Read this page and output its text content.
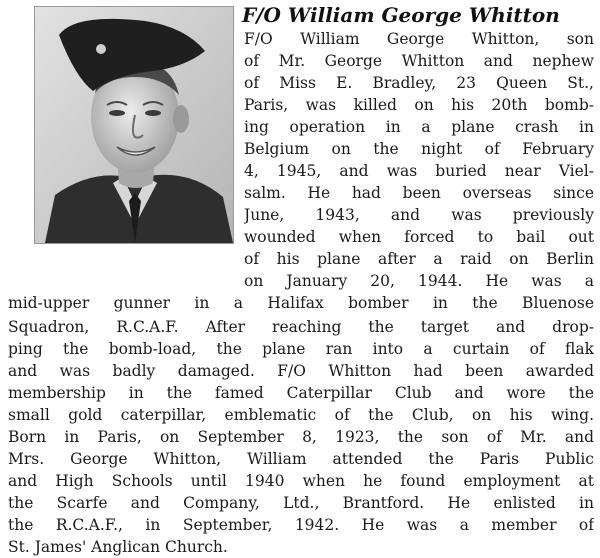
F/O William George Whitton
F/O William George Whitton, son
of Mr. George Whitton and nephew
of Miss E. Bradley, 23 Queen St.,
Paris, was killed on his 20th bomb-
ing operation in a plane crash in
Belgium on the night of February
4, 1945, and was buried near Viel-
salm. He had been overseas since
June, 1943, and was previously
wounded when forced to bail out
of his plane after a raid on Berlin
on January 20, 1944. He was a
mid-upper gunner in a Halifax bomber in the Bluenose
Squadron, R.C.A.F. After reaching the target and drop-
ping the bomb-load, the plane ran into a curtain of flak
and was badly damaged. F/O Whitton had been awarded
membership in the famed Caterpillar Club and wore the
small gold caterpillar, emblematic of the Club, on his wing.
Born in Paris, on September 8, 1923, the son of Mr. and
Mrs. George Whitton, William attended the Paris Public
and High Schools until 1940 when he found employment at
the Scarfe and Company, Ltd., Brantford. He enlisted in
the R.C.A.F., in September, 1942. He was a member of
St. James' Anglican Church.
